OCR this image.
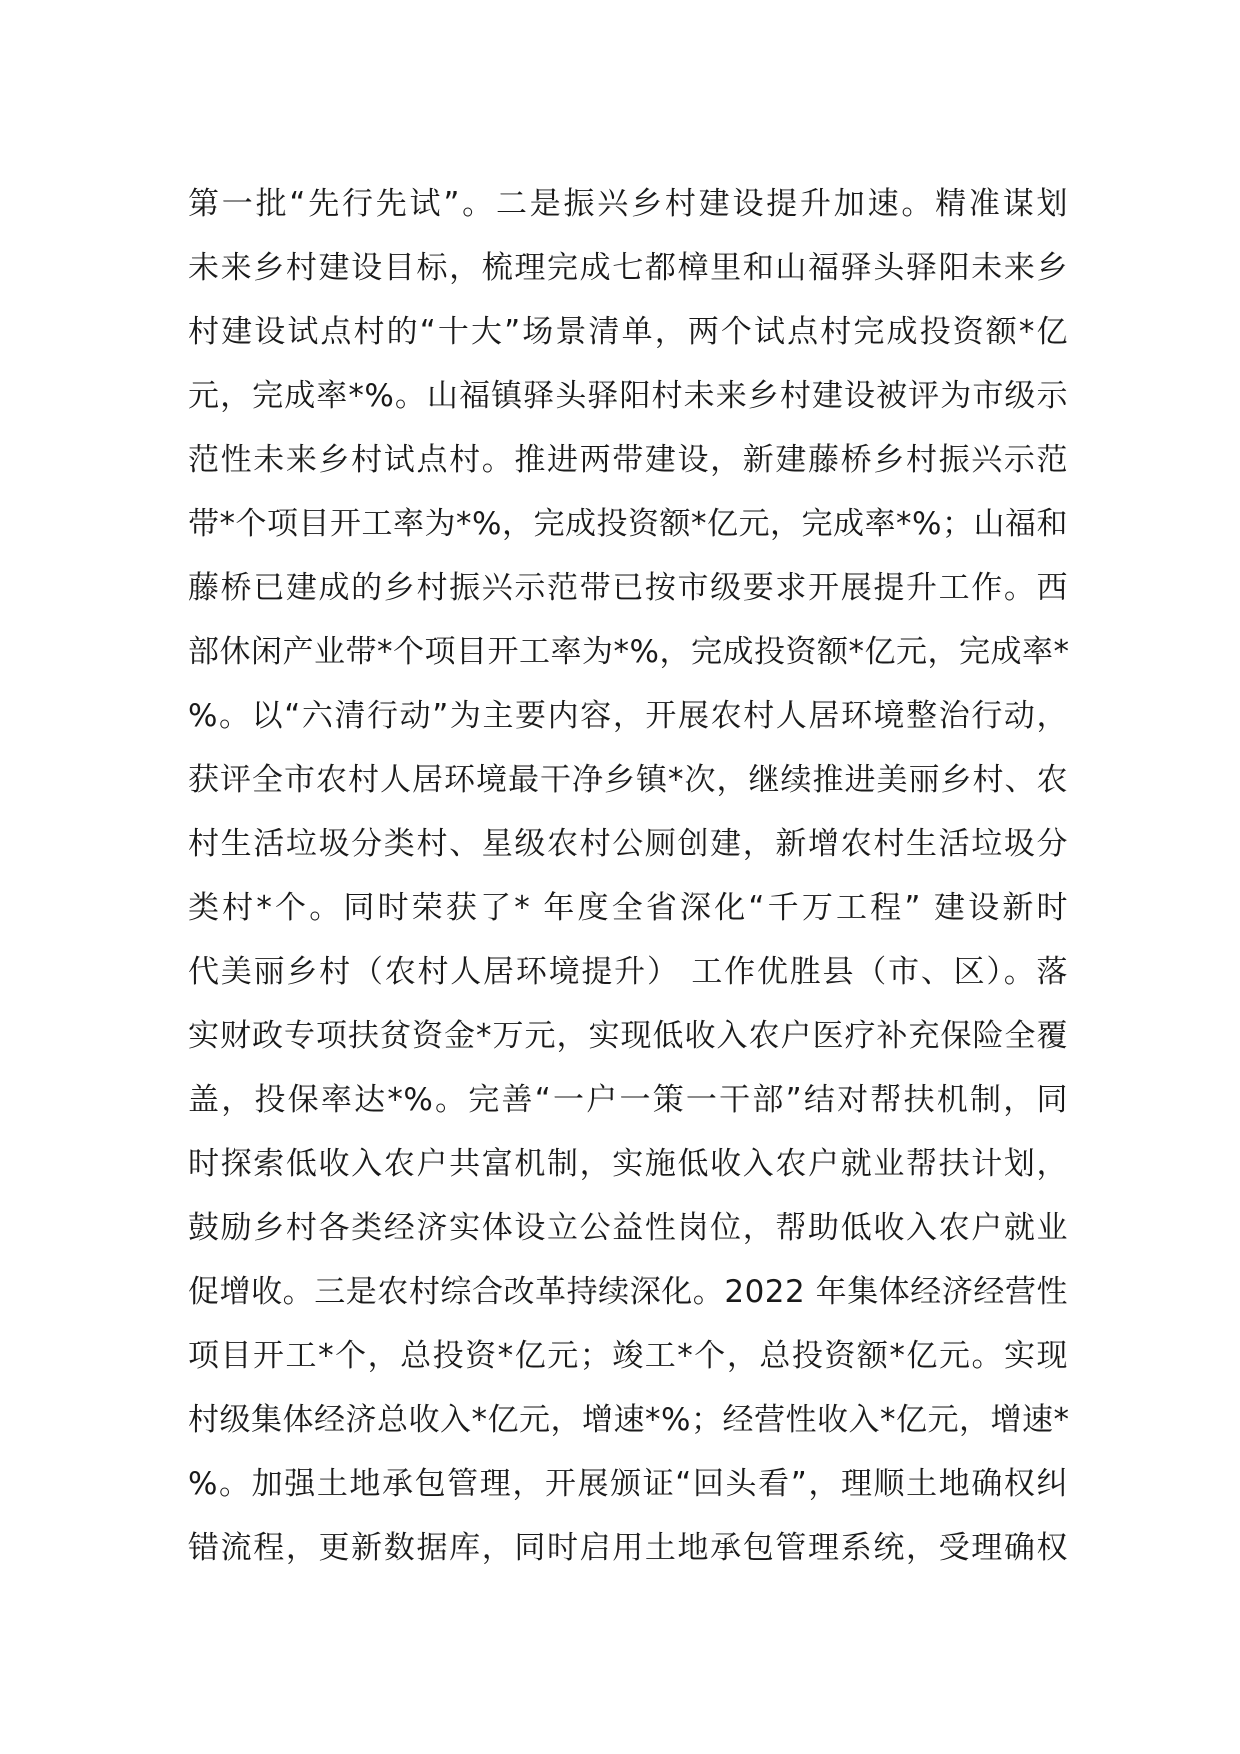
第一批“先行先试”。二是振兴乡村建设提升加速。精准谋划
未来乡村建设目标，梳理完成七都樟里和山福驿头驿阳未来乡
村建设试点村的“十大”场景清单，两个试点村完成投资额*亿
元，完成率*%。山福镇驿头驿阳村未来乡村建设被评为市级示
范性未来乡村试点村。推进两带建设，新建藤桥乡村振兴示范
带*个项目开工率为*%，完成投资额*亿元，完成率*%；山福和
藤桥已建成的乡村振兴示范带已按市级要求开展提升工作。西
部休闲产业带*个项目开工率为*%，完成投资额*亿元，完成率*
%。以“六清行动”为主要内容，开展农村人居环境整治行动，
获评全市农村人居环境最干净乡镇*次，继续推进美丽乡村、农
村生活垃圾分类村、星级农村公厕创建，新增农村生活垃圾分
类村*个。同时荣获了* 年度全省深化“千万工程” 建设新时
代美丽乡村（农村人居环境提升） 工作优胜县（市、区）。落
实财政专项扶贫资金*万元，实现低收入农户医疗补充保险全覆
盖，投保率达*%。完善“一户一策一干部”结对帮扶机制，同
时探索低收入农户共富机制，实施低收入农户就业帮扶计划，
鼓励乡村各类经济实体设立公益性岗位，帮助低收入农户就业
促增收。三是农村综合改革持续深化。2022 年集体经济经营性
项目开工*个，总投资*亿元；竣工*个，总投资额*亿元。实现
村级集体经济总收入*亿元，增速*%；经营性收入*亿元，增速*
%。加强土地承包管理，开展颁证“回头看”，理顺土地确权纠
错流程，更新数据库，同时启用土地承包管理系统，受理确权
